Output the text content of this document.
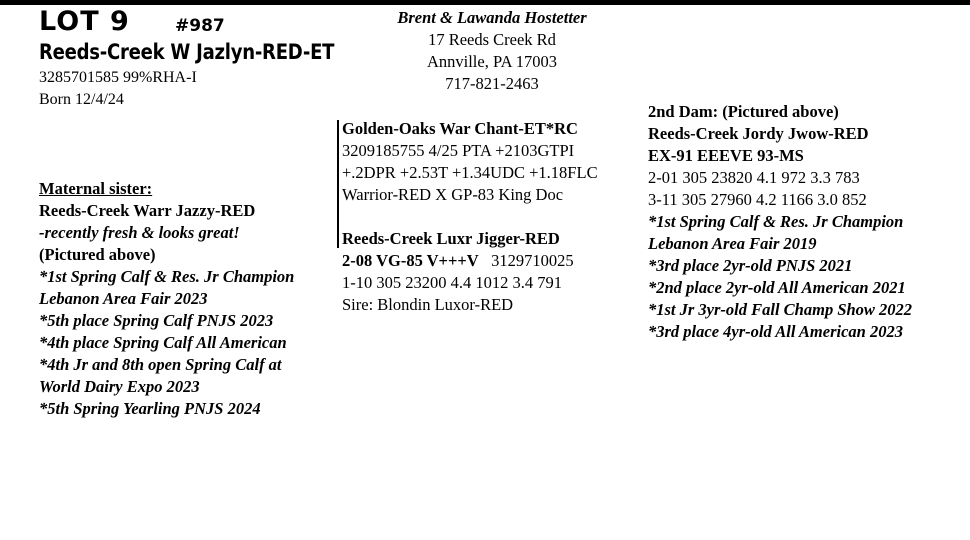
LOT 9	#987
Reeds-Creek W Jazlyn-RED-ET
3285701585 99%RHA-I
Born 12/4/24
Brent & Lawanda Hostetter
17 Reeds Creek Rd
Annville, PA 17003
717-821-2463
Maternal sister:
Reeds-Creek Warr Jazzy-RED
-recently fresh & looks great!
(Pictured above)
*1st Spring Calf & Res. Jr Champion
Lebanon Area Fair 2023
*5th place Spring Calf PNJS 2023
*4th place Spring Calf All American
*4th Jr and 8th open Spring Calf at
World Dairy Expo 2023
*5th Spring Yearling PNJS 2024
Golden-Oaks War Chant-ET*RC
3209185755 4/25 PTA +2103GTPI
+.2DPR +2.53T +1.34UDC +1.18FLC
Warrior-RED X GP-83 King Doc
Reeds-Creek Luxr Jigger-RED
2-08 VG-85 V+++V 3129710025
1-10 305 23200 4.4 1012 3.4 791
Sire: Blondin Luxor-RED
2nd Dam: (Pictured above)
Reeds-Creek Jordy Jwow-RED
EX-91 EEEVE 93-MS
2-01 305 23820 4.1 972 3.3 783
3-11 305 27960 4.2 1166 3.0 852
*1st Spring Calf & Res. Jr Champion
Lebanon Area Fair 2019
*3rd place 2yr-old PNJS 2021
*2nd place 2yr-old All American 2021
*1st Jr 3yr-old Fall Champ Show 2022
*3rd place 4yr-old All American 2023
